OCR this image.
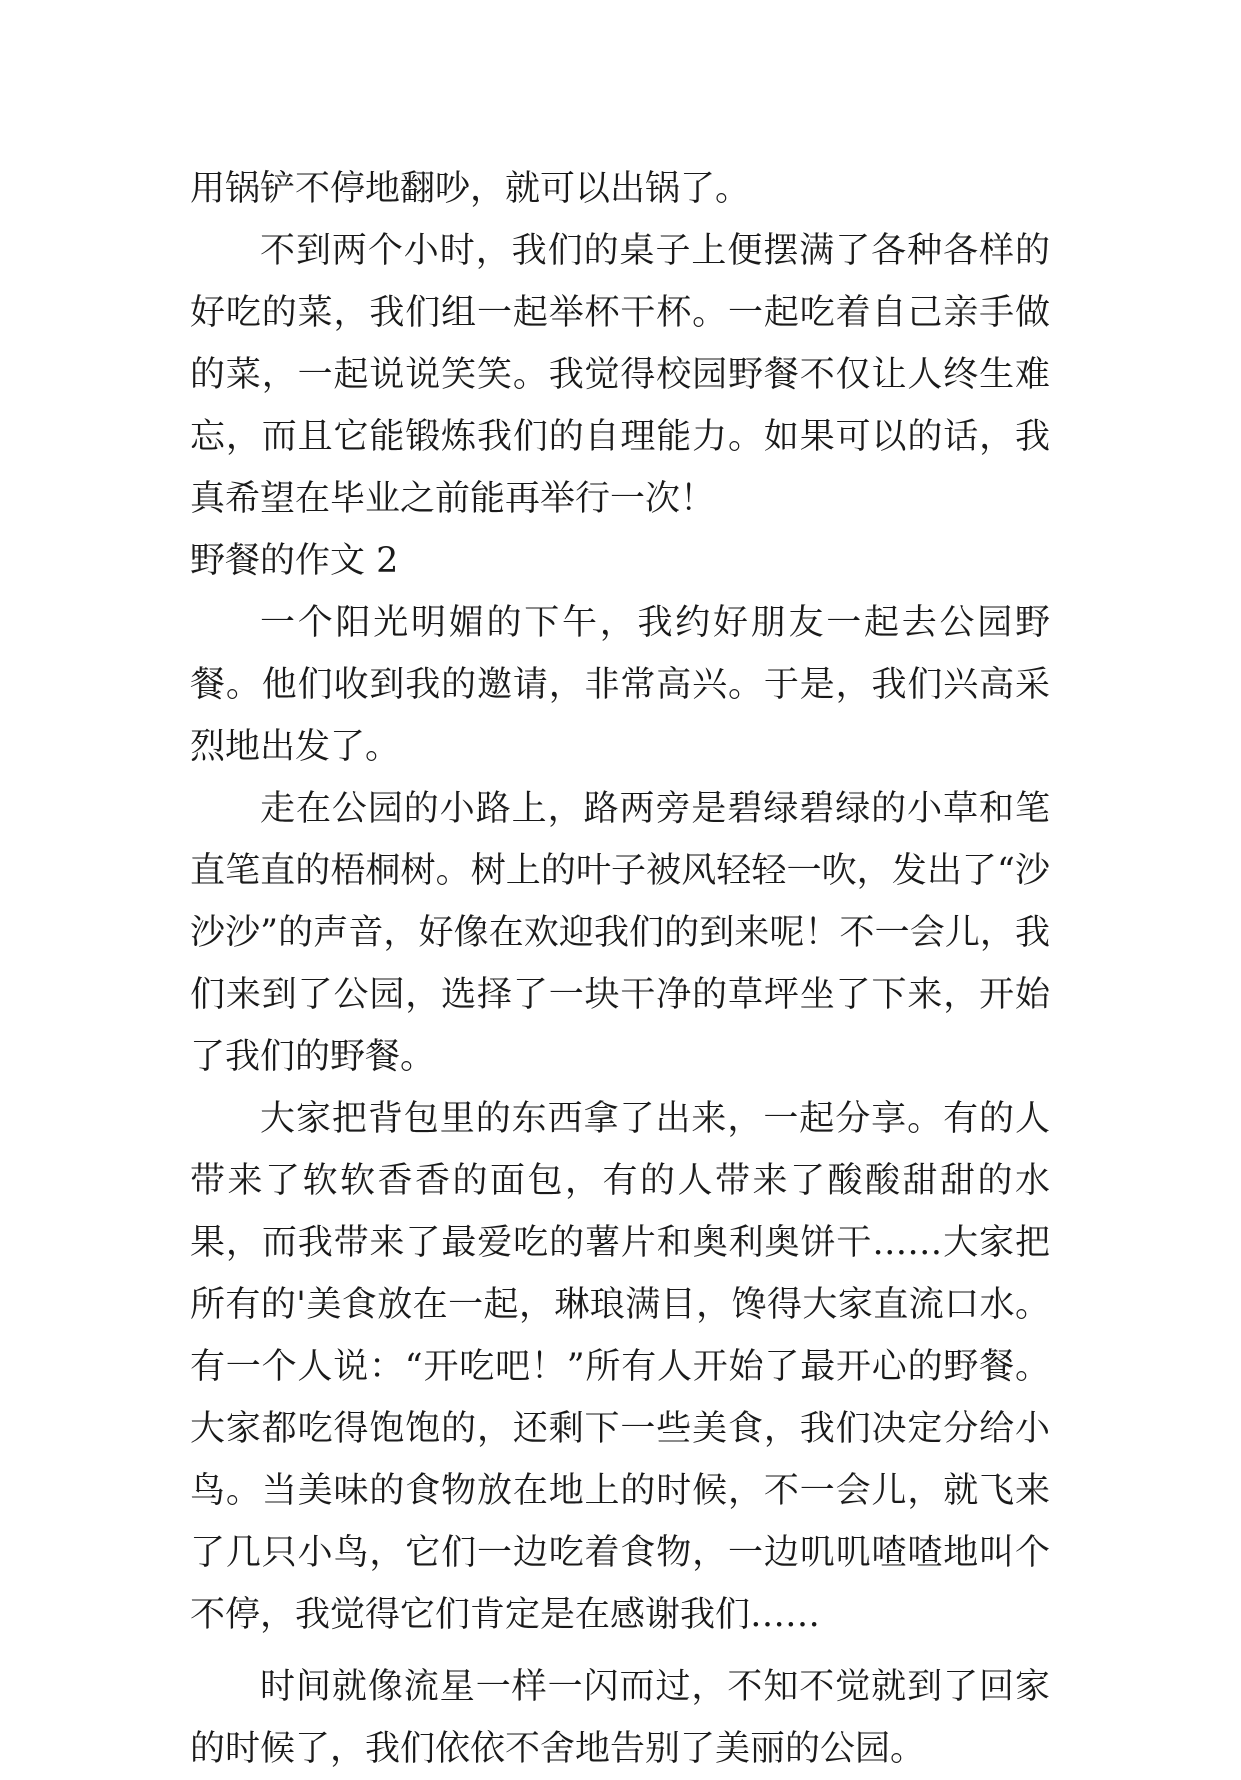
用锅铲不停地翻吵，就可以出锅了。

不到两个小时，我们的桌子上便摆满了各种各样的好吃的菜，我们组一起举杯干杯。一起吃着自己亲手做的菜，一起说说笑笑。我觉得校园野餐不仅让人终生难忘，而且它能锻炼我们的自理能力。如果可以的话，我真希望在毕业之前能再举行一次！

野餐的作文 2

一个阳光明媚的下午，我约好朋友一起去公园野餐。他们收到我的邀请，非常高兴。于是，我们兴高采烈地出发了。

走在公园的小路上，路两旁是碧绿碧绿的小草和笔直笔直的梧桐树。树上的叶子被风轻轻一吹，发出了“沙沙沙”的声音，好像在欢迎我们的到来呢！不一会儿，我们来到了公园，选择了一块干净的草坪坐了下来，开始了我们的野餐。

大家把背包里的东西拿了出来，一起分享。有的人带来了软软香香的面包，有的人带来了酸酸甜甜的水果，而我带来了最爱吃的薯片和奥利奥饼干……大家把所有的'美食放在一起，琳琅满目，馋得大家直流口水。有一个人说：“开吃吧！”所有人开始了最开心的野餐。大家都吃得饱饱的，还剩下一些美食，我们决定分给小鸟。当美味的食物放在地上的时候，不一会儿，就飞来了几只小鸟，它们一边吃着食物，一边叽叽喳喳地叫个不停，我觉得它们肯定是在感谢我们……

时间就像流星一样一闪而过，不知不觉就到了回家的时候了，我们依依不舍地告别了美丽的公园。
